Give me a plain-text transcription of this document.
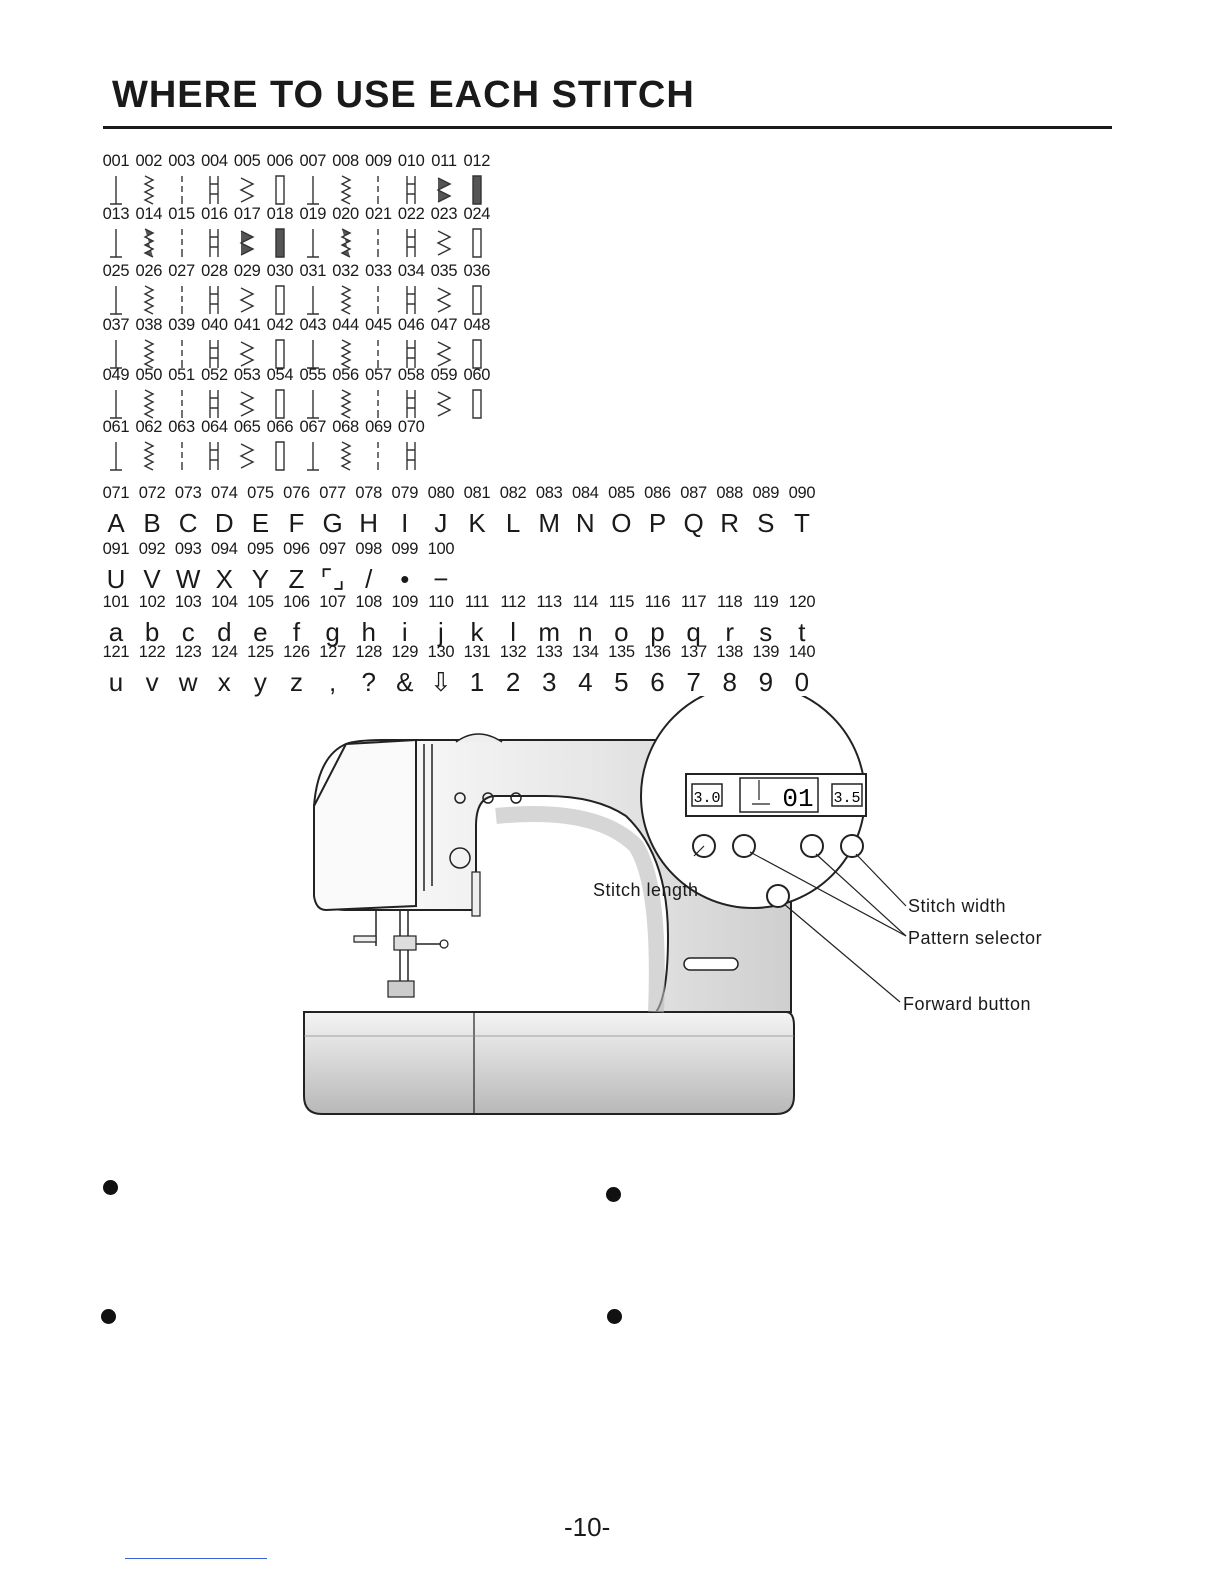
WHERE TO USE EACH STITCH
001 002 003 004 005 006 007 008 009 010 011 012
013 014 015 016 017 018 019 020 021 022 023 024
025 026 027 028 029 030 031 032 033 034 035 036
037 038 039 040 041 042 043 044 045 046 047 048
049 050 051 052 053 054 055 056 057 058 059 060
061 062 063 064 065 066 067 068 069 070
071 072 073 074 075 076 077 078 079 080 081 082 083 084 085 086 087 088 089 090
A B C D E F G H I J K L M N O P Q R S T
091 092 093 094 095 096 097 098 099 100
U V W X Y Z ⌜⌟ / • −
101 102 103 104 105 106 107 108 109 110 111 112 113 114 115 116 117 118 119 120
a b c d e f g h i j k l m n o p q r s t
121 122 123 124 125 126 127 128 129 130 131 132 133 134 135 136 137 138 139 140
u v w x y z , ? & ⇩ 1 2 3 4 5 6 7 8 9 0
3.0	3.5
01
Stitch length
Stitch width
Pattern selector
Forward button
-10-
